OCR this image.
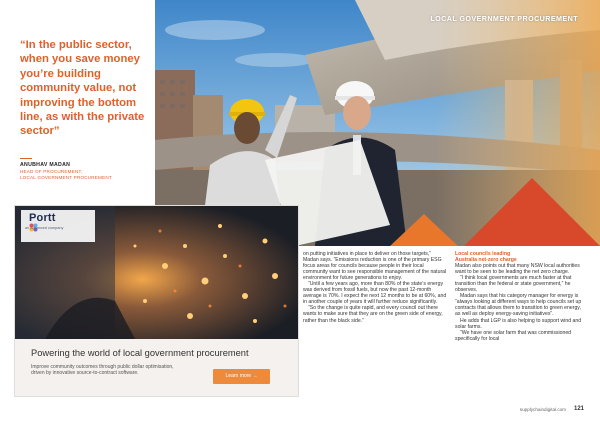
LOCAL GOVERNMENT PROCUREMENT
“In the public sector, when you save money you’re building community value, not improving the bottom line, as with the private sector”
ANUBHAV MADAN
HEAD OF PROCUREMENT,
LOCAL GOVERNMENT PROCUREMENT
Portt
an Advanced company
Powering the world of local government procurement
Improve community outcomes through public dollar optimisation, driven by innovative source-to-contract software.	Learn more →

on putting initiatives in place to deliver on those targets,” Madan says. “Emissions reduction is one of the primary ESG focus areas for councils because people in their local community want to see responsible management of the natural environment for future generations to enjoy.

“Until a few years ago, more than 80% of the state’s energy was derived from fossil fuels, but now the past 12-month average is 70%. I expect the next 12 months to be at 60%, and in another couple of years it will further reduce significantly.

“So the change is quite rapid, and every council out there wants to make sure that they are on the green side of energy, rather than the black side.”

Local councils leading

Australia net-zero charge

Madan also points out that many NSW local authorities want to be seen to be leading the net zero charge.

“I think local governments are much faster at that transition than the federal or state government,” he observes.

Madan says that his category manager for energy is “always looking at different ways to help councils set up contracts that allows them to transition to green energy, as well as deploy energy-saving initiatives”.

He adds that LGP is also helping to support wind and solar farms.

“We have one solar farm that was commissioned specifically for local

supplychaindigital.com 121
